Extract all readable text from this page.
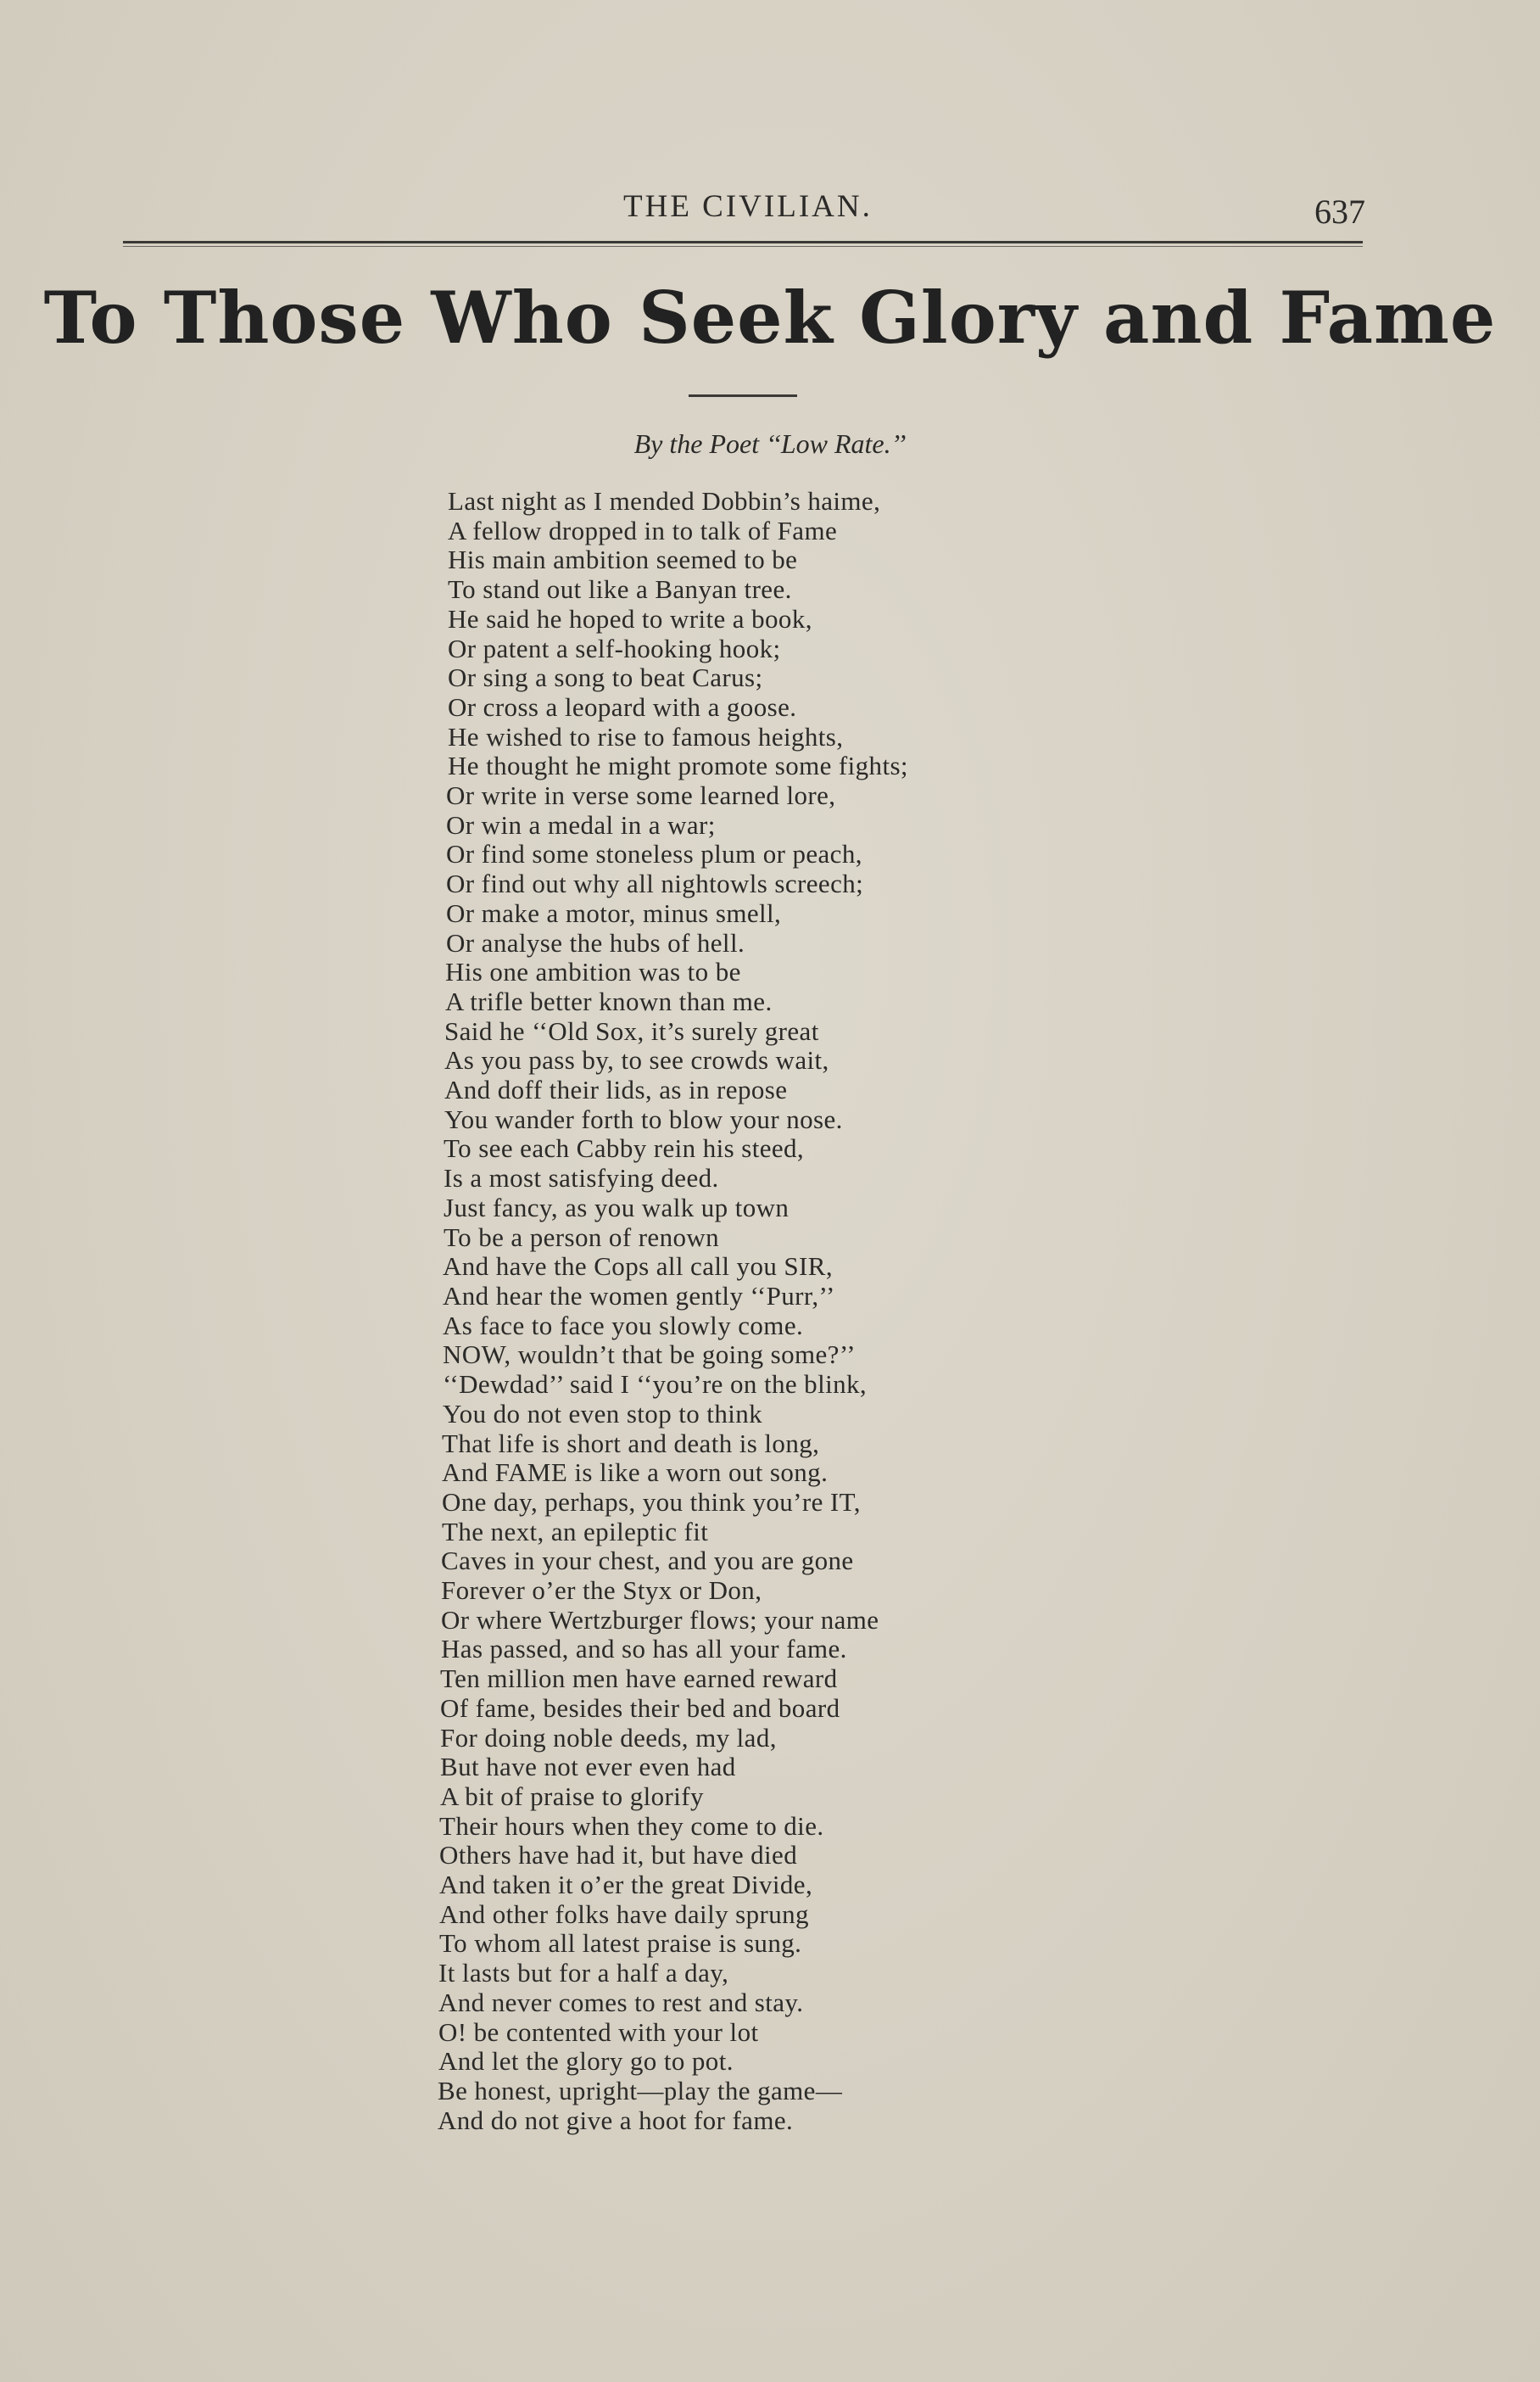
THE CIVILIAN.	637
To Those Who Seek Glory and Fame
By the Poet ‘‘Low Rate.’’
Last night as I mended Dobbin’s haime,
A fellow dropped in to talk of Fame
His main ambition seemed to be
To stand out like a Banyan tree.
He said he hoped to write a book,
Or patent a self-hooking hook;
Or sing a song to beat Carus;
Or cross a leopard with a goose.
He wished to rise to famous heights,
He thought he might promote some fights;
Or write in verse some learned lore,
Or win a medal in a war;
Or find some stoneless plum or peach,
Or find out why all nightowls screech;
Or make a motor, minus smell,
Or analyse the hubs of hell.
His one ambition was to be
A trifle better known than me.
Said he ‘‘Old Sox, it’s surely great
As you pass by, to see crowds wait,
And doff their lids, as in repose
You wander forth to blow your nose.
To see each Cabby rein his steed,
Is a most satisfying deed.
Just fancy, as you walk up town
To be a person of renown
And have the Cops all call you SIR,
And hear the women gently ‘‘Purr,’’
As face to face you slowly come.
NOW, wouldn’t that be going some?’’
‘‘Dewdad’’ said I ‘‘you’re on the blink,
You do not even stop to think
That life is short and death is long,
And FAME is like a worn out song.
One day, perhaps, you think you’re IT,
The next, an epileptic fit
Caves in your chest, and you are gone
Forever o’er the Styx or Don,
Or where Wertzburger flows; your name
Has passed, and so has all your fame.
Ten million men have earned reward
Of fame, besides their bed and board
For doing noble deeds, my lad,
But have not ever even had
A bit of praise to glorify
Their hours when they come to die.
Others have had it, but have died
And taken it o’er the great Divide,
And other folks have daily sprung
To whom all latest praise is sung.
It lasts but for a half a day,
And never comes to rest and stay.
O! be contented with your lot
And let the glory go to pot.
Be honest, upright—play the game—
And do not give a hoot for fame.
